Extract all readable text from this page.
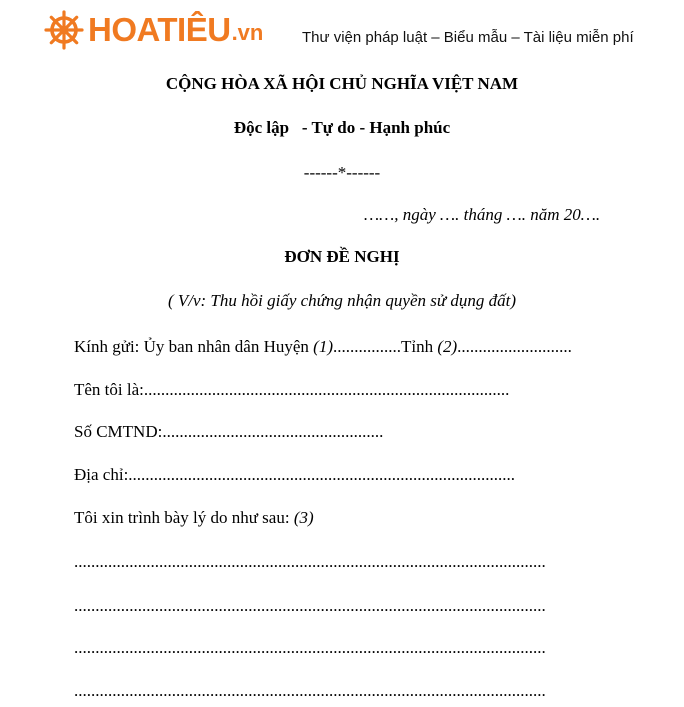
HOATIÊU .vn	Thư viện pháp luật – Biểu mẫu – Tài liệu miễn phí
CỘNG HÒA XÃ HỘI CHỦ NGHĨA VIỆT NAM
Độc lập   - Tự do - Hạnh phúc
------*------
……, ngày …. tháng …. năm 20….
ĐƠN ĐỀ NGHỊ
( V/v: Thu hồi giấy chứng nhận quyền sử dụng đất)
Kính gửi: Ủy ban nhân dân Huyện (1)................Tỉnh (2)...........................
Tên tôi là:......................................................................................
Số CMTND:....................................................
Địa chỉ:...........................................................................................
Tôi xin trình bày lý do như sau: (3)
...............................................................................................................
...............................................................................................................
...............................................................................................................
...............................................................................................................
